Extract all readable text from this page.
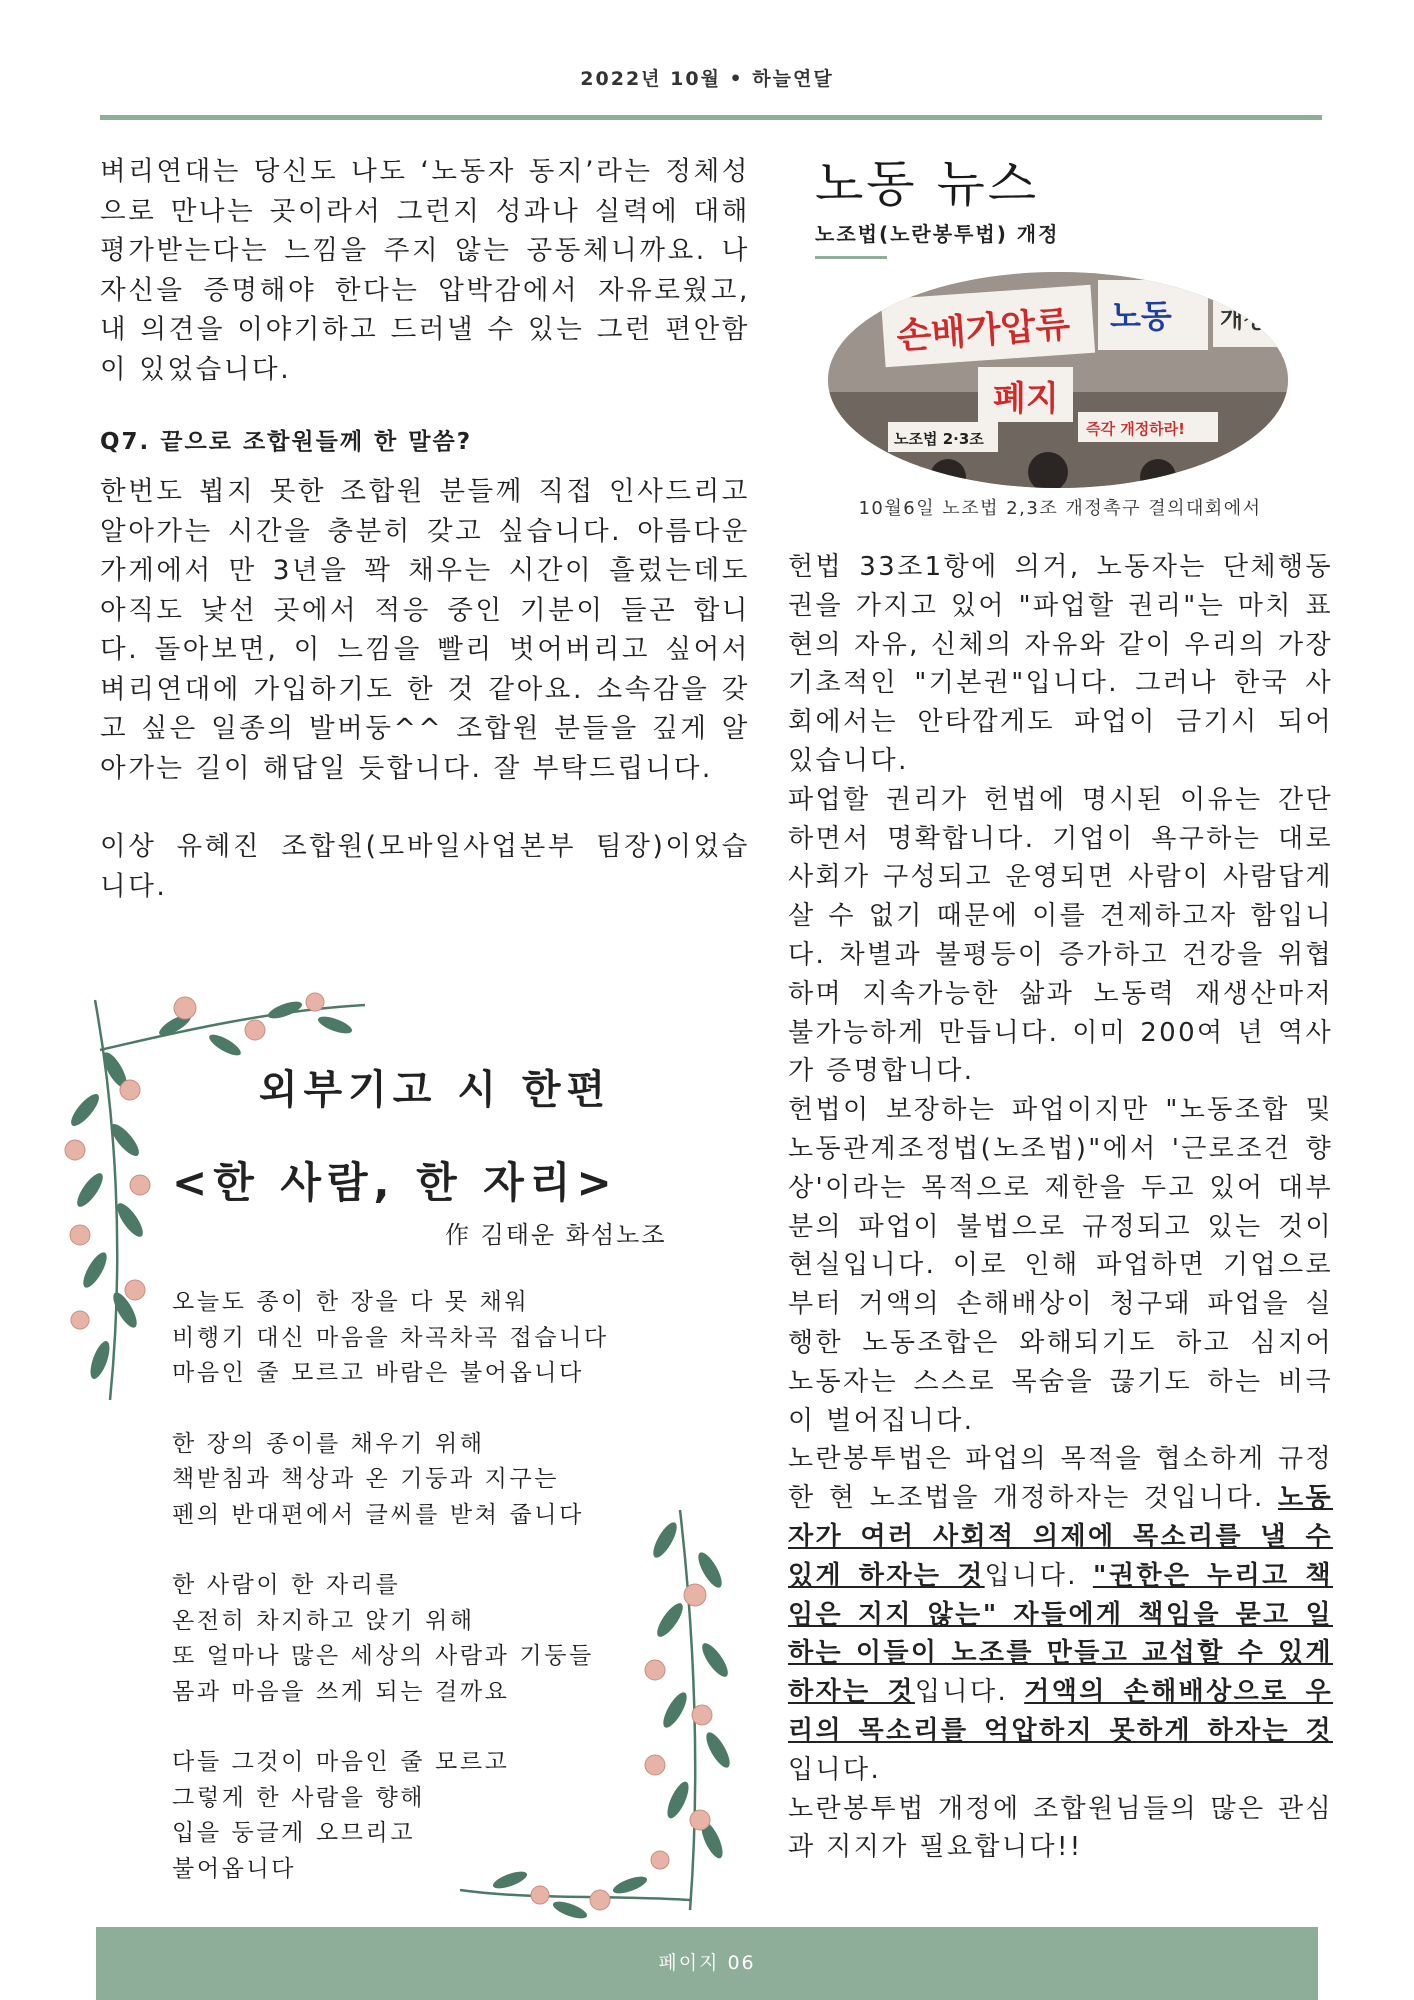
2022년 10월 • 하늘연달

벼리연대는 당신도 나도 ‘노동자 동지’라는 정체성으로 만나는 곳이라서 그런지 성과나 실력에 대해 평가받는다는 느낌을 주지 않는 공동체니까요. 나 자신을 증명해야 한다는 압박감에서 자유로웠고, 내 의견을 이야기하고 드러낼 수 있는 그런 편안함이 있었습니다.

Q7. 끝으로 조합원들께 한 말씀?

한번도 뵙지 못한 조합원 분들께 직접 인사드리고 알아가는 시간을 충분히 갖고 싶습니다. 아름다운가게에서 만 3년을 꽉 채우는 시간이 흘렀는데도 아직도 낯선 곳에서 적응 중인 기분이 들곤 합니다. 돌아보면, 이 느낌을 빨리 벗어버리고 싶어서 벼리연대에 가입하기도 한 것 같아요. 소속감을 갖고 싶은 일종의 발버둥^^ 조합원 분들을 깊게 알아가는 길이 해답일 듯합니다. 잘 부탁드립니다.

이상 유혜진 조합원(모바일사업본부 팀장)이었습니다.

외부기고 시 한편
<한 사람, 한 자리>
作 김태운 화섬노조
오늘도 종이 한 장을 다 못 채워
비행기 대신 마음을 차곡차곡 접습니다
마음인 줄 모르고 바람은 불어옵니다
한 장의 종이를 채우기 위해
책받침과 책상과 온 기둥과 지구는
펜의 반대편에서 글씨를 받쳐 줍니다
한 사람이 한 자리를
온전히 차지하고 앉기 위해
또 얼마나 많은 세상의 사람과 기둥들
몸과 마음을 쓰게 되는 걸까요
다들 그것이 마음인 줄 모르고
그렇게 한 사람을 향해
입을 둥글게 오므리고
불어옵니다
노동 뉴스
노조법(노란봉투법) 개정
손배가압류 노동 개정
폐지
노조법 2·3조
즉각 개정하라!
10월6일 노조법 2,3조 개정촉구 결의대회에서

헌법 33조1항에 의거, 노동자는 단체행동권을 가지고 있어 "파업할 권리"는 마치 표현의 자유, 신체의 자유와 같이 우리의 가장 기초적인 "기본권"입니다. 그러나 한국 사회에서는 안타깝게도 파업이 금기시 되어 있습니다.

파업할 권리가 헌법에 명시된 이유는 간단하면서 명확합니다. 기업이 욕구하는 대로 사회가 구성되고 운영되면 사람이 사람답게 살 수 없기 때문에 이를 견제하고자 함입니다. 차별과 불평등이 증가하고 건강을 위협하며 지속가능한 삶과 노동력 재생산마저 불가능하게 만듭니다. 이미 200여 년 역사가 증명합니다.

헌법이 보장하는 파업이지만 "노동조합 및 노동관계조정법(노조법)"에서 '근로조건 향상'이라는 목적으로 제한을 두고 있어 대부분의 파업이 불법으로 규정되고 있는 것이 현실입니다. 이로 인해 파업하면 기업으로부터 거액의 손해배상이 청구돼 파업을 실행한 노동조합은 와해되기도 하고 심지어 노동자는 스스로 목숨을 끊기도 하는 비극이 벌어집니다.

노란봉투법은 파업의 목적을 협소하게 규정한 현 노조법을 개정하자는 것입니다. 노동자가 여러 사회적 의제에 목소리를 낼 수 있게 하자는 것입니다. "권한은 누리고 책임은 지지 않는" 자들에게 책임을 묻고 일하는 이들이 노조를 만들고 교섭할 수 있게 하자는 것입니다. 거액의 손해배상으로 우리의 목소리를 억압하지 못하게 하자는 것입니다.

노란봉투법 개정에 조합원님들의 많은 관심과 지지가 필요합니다!!

페이지 06
